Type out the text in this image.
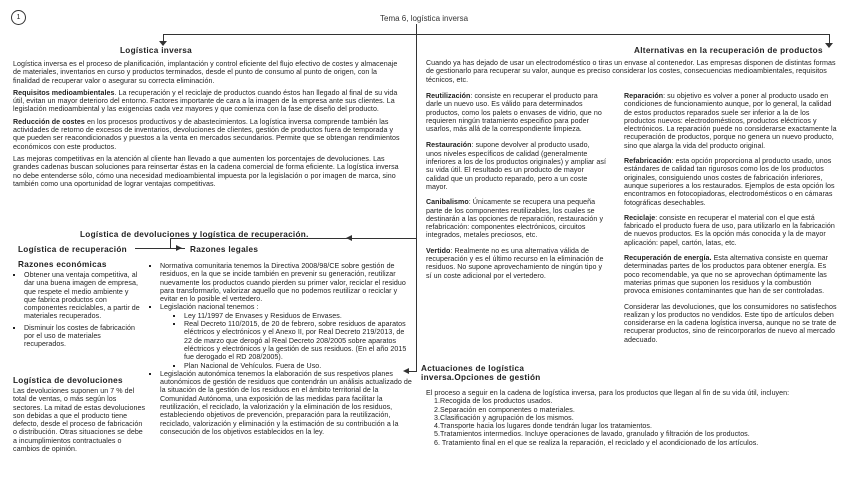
1	Tema 6, logística inversa
Logística inversa

Logística inversa es el proceso de planificación, implantación y control eficiente del flujo efectivo de costes y almacenaje de materiales, inventarios en curso y productos terminados, desde el punto de consumo al punto de origen, con la finalidad de recuperar valor o asegurar su correcta eliminación.

Requisitos medioambientales. La recuperación y el reciclaje de productos cuando éstos han llegado al final de su vida útil, evitan un mayor deterioro del entorno. Factores importante de cara a la imagen de la empresa ante sus clientes. La legislación medioambiental y las exigencias cada vez mayores y que comienza con la fase de diseño del producto.

Reducción de costes en los procesos productivos y de abastecimientos. La logística inversa comprende también las actividades de retorno de excesos de inventarios, devoluciones de clientes, gestión de productos fuera de temporada y que pueden ser reacondicionados y puestos a la venta en mercados secundarios. Permite que se obtengan rendimientos económicos con este productos.

Las mejoras competitivas en la atención al cliente han llevado a que aumenten los porcentajes de devoluciones. Las grandes cadenas buscan soluciones para reinsertar éstas en la cadena comercial de forma eficiente. La logística inversa no debe entenderse sólo, cómo una necesidad medioambiental impuesta por la legislación o por imagen de marca, sino también como una oportunidad de lograr ventajas competitivas.

Logística de devoluciones y logística de recuperación.
Logística de recuperación
Razones económicas
▪ Obtener una ventaja competitiva, al dar una buena imagen de empresa, que respete el medio ambiente y que fabrica productos con componentes reciclables, a partir de materiales recuperados.
▪ Disminuir los costes de fabricación por el uso de materiales recuperados.
Logística de devoluciones
Las devoluciones suponen un 7 % del total de ventas, o más según los sectores. La mitad de estas devoluciones son debidas a que el producto tiene defecto, desde el proceso de fabricación o distribución. Otras situaciones se debe a incumplimientos contractuales o cambios de opinión.
Razones legales
▪ Normativa comunitaria tenemos la Directiva 2008/98/CE sobre gestión de residuos, en la que se incide también en prevenir su generación, reutilizar nuevamente los productos cuando pierden su primer valor, reciclar el residuo para transformarlo, valorizar aquello que no podemos reutilizar o reciclar y evitar en lo posible el vertedero.
▪ Legislación nacional tenemos :
▪ Ley 11/1997 de Envases y Residuos de Envases.
▪ Real Decreto 110/2015, de 20 de febrero, sobre residuos de aparatos eléctricos y electrónicos y el Anexo II, por Real Decreto 219/2013, de 22 de marzo que derogó al Real Decreto 208/2005 sobre aparatos eléctricos y electrónicos y la gestión de sus residuos. (En el año 2015 fue derogado el RD 208/2005).
▪ Plan Nacional de Vehículos. Fuera de Uso.
▪ Legislación autonómica tenemos la elaboración de sus respetivos planes autonómicos de gestión de residuos que contendrán un análisis actualizado de la situación de la gestión de los residuos en el ámbito territorial de la Comunidad Autónoma, una exposición de las medidas para facilitar la reutilización, el reciclado, la valorización y la eliminación de los residuos, estableciendo objetivos de prevención, preparación para la reutilización, reciclado, valorización y eliminación y la estimación de su contribución a la consecución de los objetivos establecidos en la ley.
Alternativas en la recuperación de productos
Cuando ya has dejado de usar un electrodoméstico o tiras un envase al contenedor. Las empresas disponen de distintas formas de gestionarlo para recuperar su valor, aunque es preciso considerar los costes, consecuencias medioambientales, requisitos técnicos, etc.

Reutilización: consiste en recuperar el producto para darle un nuevo uso. Es válido para determinados productos, como los palets o envases de vidrio, que no requieren ningún tratamiento especifico para poder usarlos, más allá de la correspondiente limpieza.

Restauración: supone devolver al producto usado, unos niveles específicos de calidad (generalmente inferiores a los de los productos originales) y ampliar así su vida útil. El resultado es un producto de mayor calidad que un producto reparado, pero a un coste mayor.

Canibalismo: Únicamente se recupera una pequeña parte de los componentes reutilizables, los cuales se destinarán a las opciones de reparación, restauración y refabricación: componentes electrónicos, circuitos integrados, metales preciosos, etc.

Vertido: Realmente no es una alternativa válida de recuperación y es el último recurso en la eliminación de residuos. No supone aprovechamiento de ningún tipo y sí un coste adicional por el vertedero.

Reparación: su objetivo es volver a poner al producto usado en condiciones de funcionamiento aunque, por lo general, la calidad de estos productos reparados suele ser inferior a la de los productos nuevos: electrodomésticos, productos eléctricos y electrónicos. La reparación puede no considerarse exactamente la recuperación de productos, porque no genera un nuevo producto, sino que alarga la vida del producto original.

Refabricación: esta opción proporciona al producto usado, unos estándares de calidad tan rigurosos como los de los productos originales, consiguiendo unos costes de fabricación inferiores, aunque superiores a los restaurados. Ejemplos de esta opción los encontramos en fotocopiadoras, electrodomésticos o en cámaras fotográficas desechables.

Reciclaje: consiste en recuperar el material con el que está fabricado el producto fuera de uso, para utilizarlo en la fabricación de nuevos productos. Es la opción más conocida y la de mayor aplicación: papel, cartón, latas, etc.

Recuperación de energía. Esta alternativa consiste en quemar determinadas partes de los productos para obtener energía. Es poco recomendable, ya que no se aprovechan óptimamente las materias primas que suponen los residuos y la combustión provoca emisiones contaminantes que han de ser controladas.

Considerar las devoluciones, que los consumidores no satisfechos realizan y los productos no vendidos. Este tipo de artículos deben considerarse en la cadena logística inversa, aunque no se trate de recuperar productos, sino de reincorporarlos de nuevo al mercado adecuado.

Actuaciones de logística
inversa.Opciones de gestión

El proceso a seguir en la cadena de logística inversa, para los productos que llegan al fin de su vida útil, incluyen:

1.Recogida de los productos usados.
2.Separación en componentes o materiales.
3.Clasificación y agrupación de los mismos.
4.Transporte hacia los lugares donde tendrán lugar los tratamientos.
5.Tratamientos intermedios. Incluye operaciones de lavado, granulado y filtración de los productos.
6. Tratamiento final en el que se realiza la reparación, el reciclado y el acondicionado de los artículos.
